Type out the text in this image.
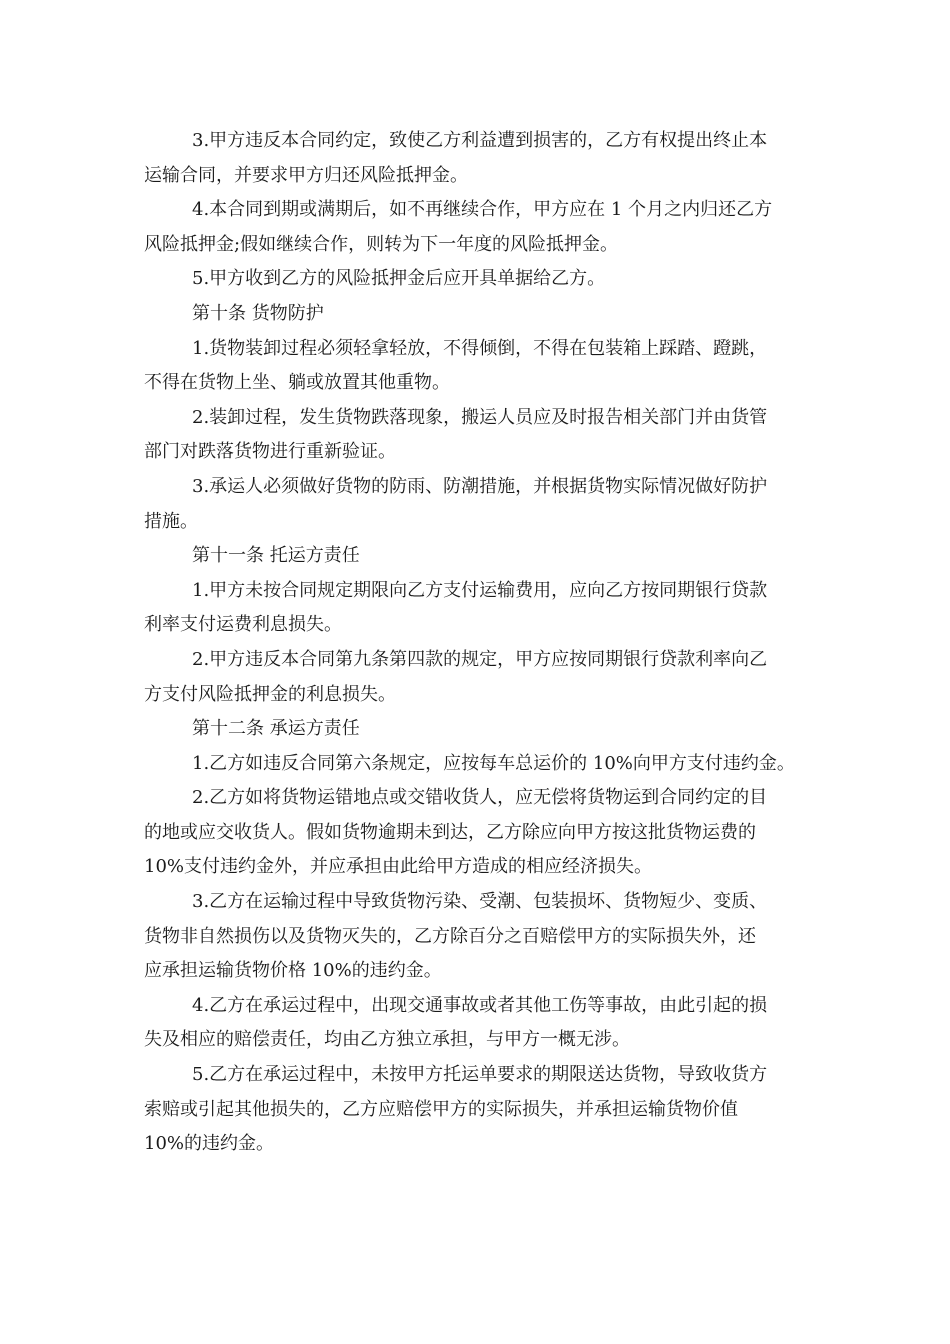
3.甲方违反本合同约定，致使乙方利益遭到损害的，乙方有权提出终止本
运输合同，并要求甲方归还风险抵押金。
4.本合同到期或满期后，如不再继续合作，甲方应在 1 个月之内归还乙方
风险抵押金;假如继续合作，则转为下一年度的风险抵押金。
5.甲方收到乙方的风险抵押金后应开具单据给乙方。
第十条 货物防护
1.货物装卸过程必须轻拿轻放，不得倾倒，不得在包装箱上踩踏、蹬跳，
不得在货物上坐、躺或放置其他重物。
2.装卸过程，发生货物跌落现象，搬运人员应及时报告相关部门并由货管
部门对跌落货物进行重新验证。
3.承运人必须做好货物的防雨、防潮措施，并根据货物实际情况做好防护
措施。
第十一条 托运方责任
1.甲方未按合同规定期限向乙方支付运输费用，应向乙方按同期银行贷款
利率支付运费利息损失。
2.甲方违反本合同第九条第四款的规定，甲方应按同期银行贷款利率向乙
方支付风险抵押金的利息损失。
第十二条 承运方责任
1.乙方如违反合同第六条规定，应按每车总运价的 10%向甲方支付违约金。
2.乙方如将货物运错地点或交错收货人，应无偿将货物运到合同约定的目
的地或应交收货人。假如货物逾期未到达，乙方除应向甲方按这批货物运费的
10%支付违约金外，并应承担由此给甲方造成的相应经济损失。
3.乙方在运输过程中导致货物污染、受潮、包装损坏、货物短少、变质、
货物非自然损伤以及货物灭失的，乙方除百分之百赔偿甲方的实际损失外，还
应承担运输货物价格 10%的违约金。
4.乙方在承运过程中，出现交通事故或者其他工伤等事故，由此引起的损
失及相应的赔偿责任，均由乙方独立承担，与甲方一概无涉。
5.乙方在承运过程中，未按甲方托运单要求的期限送达货物，导致收货方
索赔或引起其他损失的，乙方应赔偿甲方的实际损失，并承担运输货物价值
10%的违约金。
